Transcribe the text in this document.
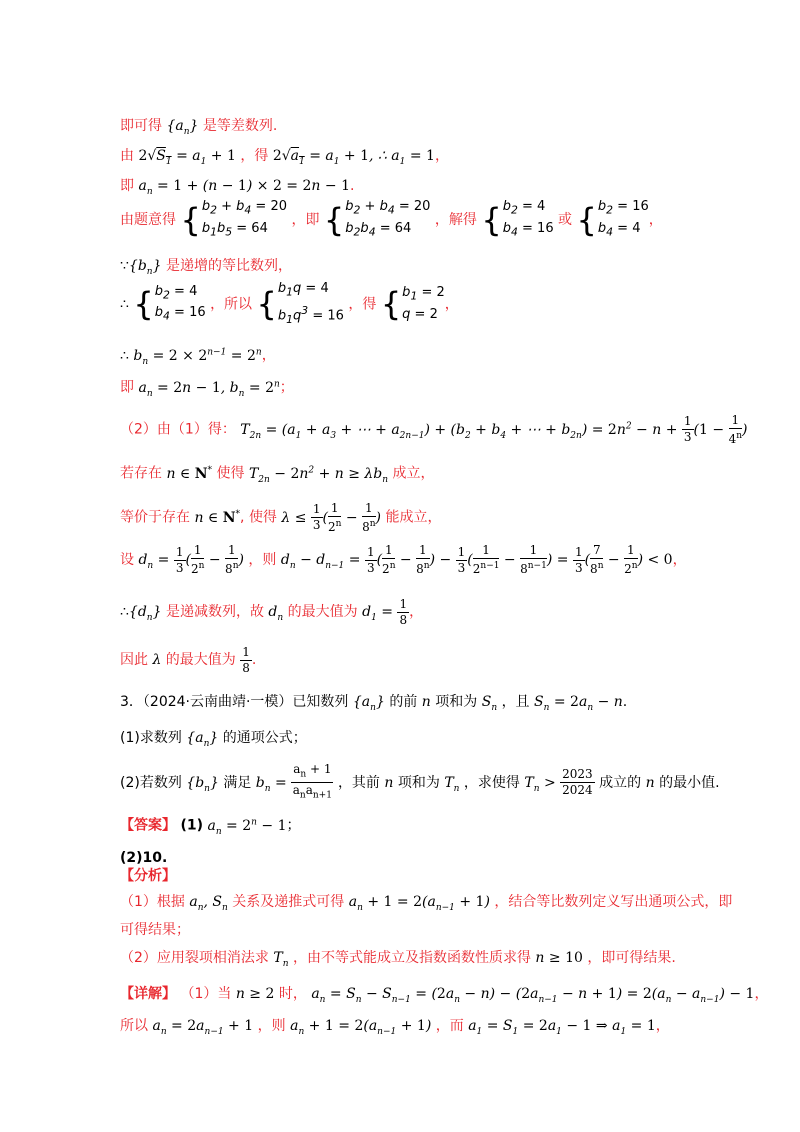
即可得 $\{a_n\}$ 是等差数列.
由 $2√S_1 = a_1 + 1$ ，得 $2√a_1 = a_1 + 1$, ∴ $a_1 = 1$，
即 $a_n = 1 + (n - 1) \times 2 = 2n - 1$.
由题意得 { $b_2 + b_4 = 20$
$b_1b_5 = 64$
，即 { $b_2 + b_4 = 20$
$b_2b_4 = 64$
，解得 { $b_2 = 4$
$b_4 = 16$
或 { $b_2 = 16$
$b_4 = 4$
，
$\because\{b_n\}$ 是递增的等比数列，
∴ { $b_2 = 4$
$b_4 = 16$
，所以 { $b_1q = 4$
$b_1q^3 = 16$
，得 { $b_1 = 2$
q = 2
，
∴ $b_n = 2 \times 2^{n-1} = 2^n$，
即 $a_n = 2n - 1$, $b_n = 2^n$；
（2）由（1）得： $T_{2n} = (a_1 + a_3$ + ⋯ + $a_{2n-1}) + (b_2 + b_4$ + ⋯ + $b_{2n}) = 2n^2 - n + \frac{1}{3} (1 - \frac{1}{4^n}$ )
若存在 n ∈ N* 使得 $T_{2n} - 2n^2 + n \ge \lambda b_n$ 成立，
等价于存在 n ∈ N*, 使得 $\lambda \le \frac{1}{3}$ ( $\frac{1}{2^n} - \frac{1}{8^n}$ ) 能成立，
设 $d_n = \frac{1}{3}$ ( $\frac{1}{2^n} - \frac{1}{8^n}$ ) ，则 $d_n - d_{n-1} = \frac{1}{3}$ ( $\frac{1}{2^n} - \frac{1}{8^n}$ ) − $\frac{1}{3}$ ( $\frac{1}{2^{n-1}} - \frac{1}{8^{n-1}}$ ) = $\frac{1}{3}$ ( $\frac{7}{8^n} - \frac{1}{2^n}$ ) < 0，
$\therefore\{d_n\}$ 是递减数列，故 $d_n$ 的最大值为 $d_1 = \frac{1}{8}$ ，
因此 λ 的最大值为 $\frac{1}{8}$ .
3．（2024·云南曲靖·一模）已知数列 $\{a_n\}$ 的前 n 项和为 $S_n$ ，且 $S_n = 2a_n - n$.
(1)求数列 $\{a_n\}$ 的通项公式；
(2)若数列 $\{b_n\}$ 满足 $b_n = \frac{a_n + 1}{a_na_{n+1}}$ ，其前 n 项和为 $T_n$ ，求使得 $T_n > \frac{2023}{2024}$ 成立的 n 的最小值.
【答案】 (1) $a_n = 2^n - 1$；
(2)10.
【分析】
（1）根据 $a_n$, $S_n$ 关系及递推式可得 $a_n + 1 = 2(a_{n-1} + 1)$ ，结合等比数列定义写出通项公式，即
可得结果；
（2）应用裂项相消法求 $T_n$ ，由不等式能成立及指数函数性质求得 n ≥ 10 ，即可得结果.
【详解】 （1）当 n ≥ 2 时， $a_n = S_n - S_{n-1} = (2a_n - n) - (2a_{n-1} - n + 1) = 2(a_n - a_{n-1}) - 1$，
所以 $a_n = 2a_{n-1} + 1$ ，则 $a_n + 1 = 2(a_{n-1} + 1)$ ，而 $a_1 = S_1 = 2a_1 - 1$ ⇒ $a_1 = 1$，
